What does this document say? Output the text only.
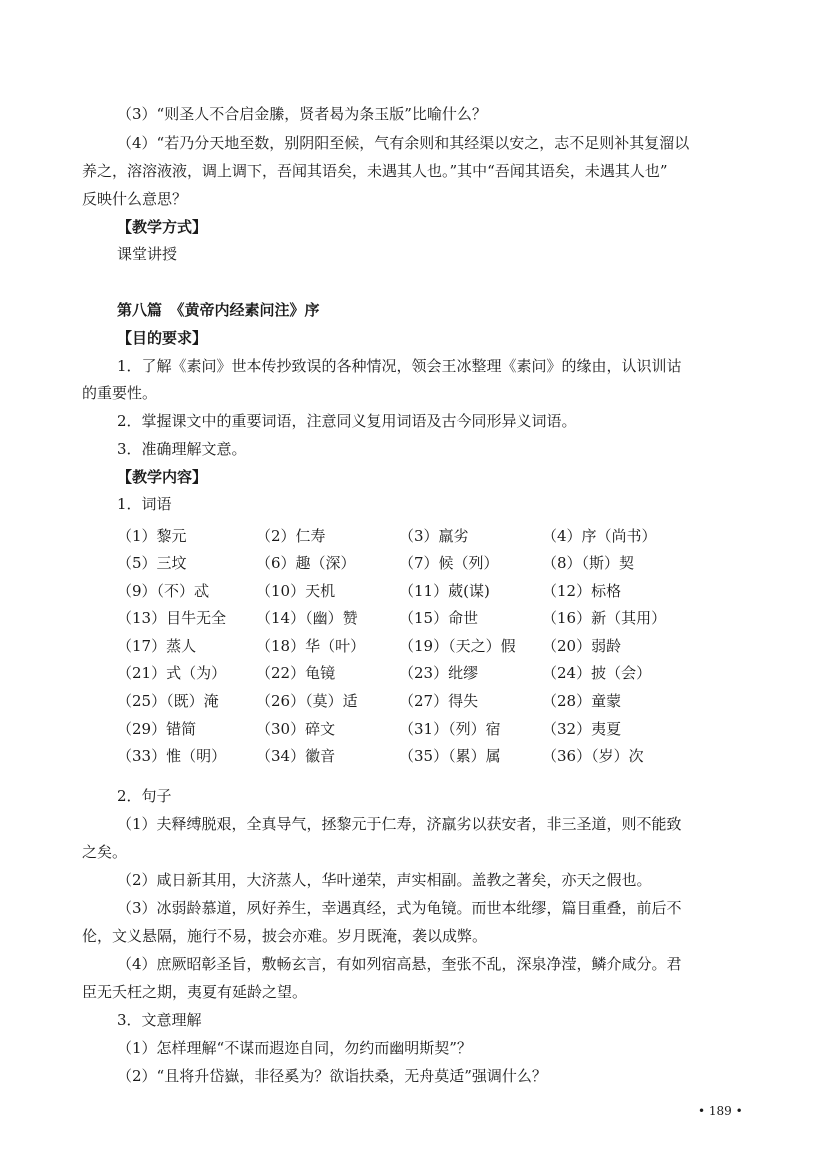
（3）“则圣人不合启金縢，贤者曷为条玉版”比喻什么？
（4）“若乃分天地至数，别阴阳至候，气有余则和其经渠以安之，志不足则补其复溜以
养之，溶溶液液，调上调下，吾闻其语矣，未遇其人也。”其中“吾闻其语矣，未遇其人也”
反映什么意思？
【教学方式】
课堂讲授
第八篇　《黄帝内经素问注》序
【目的要求】
1．了解《素问》世本传抄致误的各种情况，领会王冰整理《素问》的缘由，认识训诂
的重要性。
2．掌握课文中的重要词语，注意同义复用词语及古今同形异义词语。
3．准确理解文意。
【教学内容】
1．词语
（1）黎元	（2）仁寿	（3）羸劣	（4）序（尚书）
（5）三坟	（6）趣（深）	（7）候（列）	（8）（斯）契
（9）（不）忒	（10）天机	（11）葳(谋)	（12）标格
（13）目牛无全 （14）（幽）赞	（15）命世	（16）新（其用）
（17）蒸人	（18）华（叶） （19）（天之）假 （20）弱龄
（21）式（为） （22）龟镜	（23）纰缪	（24）披（会）
（25）（既）淹 （26）（莫）适	（27）得失	（28）童蒙
（29）错简	（30）碎文	（31）（列）宿	（32）夷夏
（33）惟（明） （34）徽音	（35）（累）属	（36）（岁）次
2．句子
（1）夫释缚脱艰，全真导气，拯黎元于仁寿，济羸劣以获安者，非三圣道，则不能致
之矣。
（2）咸日新其用，大济蒸人，华叶递荣，声实相副。盖教之著矣，亦天之假也。
（3）冰弱龄慕道，夙好养生，幸遇真经，式为龟镜。而世本纰缪，篇目重叠，前后不
伦，文义悬隔，施行不易，披会亦难。岁月既淹，袭以成弊。
（4）庶厥昭彰圣旨，敷畅玄言，有如列宿高悬，奎张不乱，深泉净滢，鳞介咸分。君
臣无夭枉之期，夷夏有延龄之望。
3．文意理解
（1）怎样理解“不谋而遐迩自同，勿约而幽明斯契”？
（2）“且将升岱嶽，非径奚为？欲诣扶桑，无舟莫适”强调什么？
• 189 •
